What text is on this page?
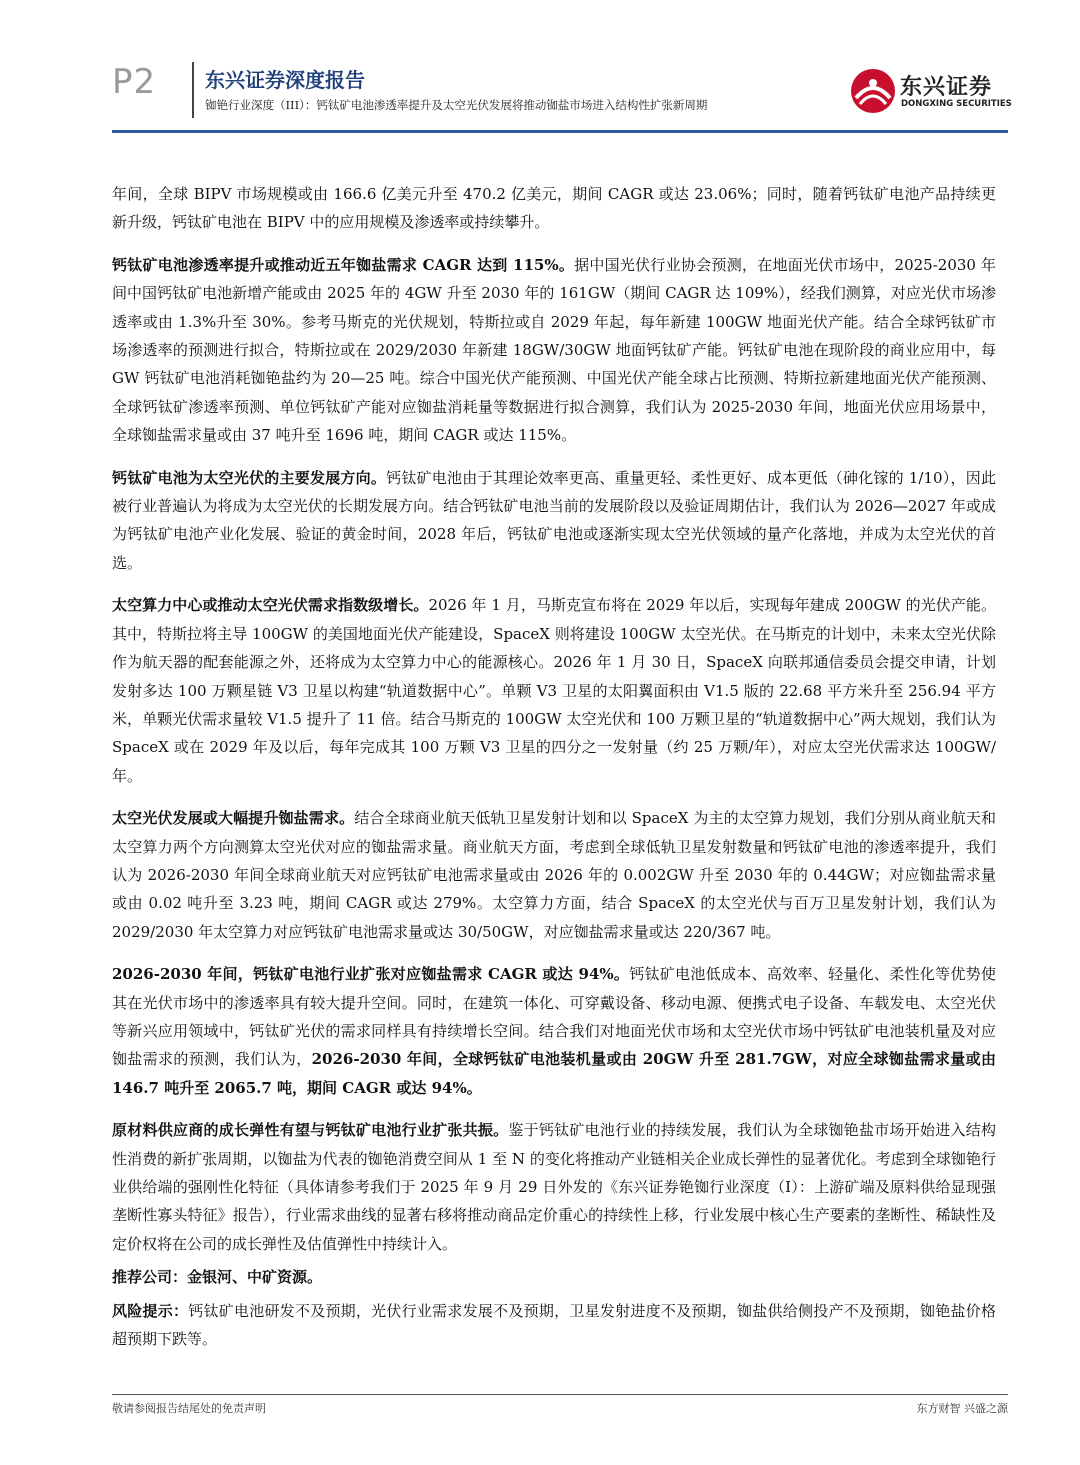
P2 东兴证券深度报告
铷铯行业深度（III）：钙钛矿电池渗透率提升及太空光伏发展将推动铷盐市场进入结构性扩张新周期
东兴证券
DONGXING SECURITIES

年间，全球 BIPV 市场规模或由 166.6 亿美元升至 470.2 亿美元，期间 CAGR 或达 23.06%；同时，随着钙钛矿电池产品持续更新升级，钙钛矿电池在 BIPV 中的应用规模及渗透率或持续攀升。

钙钛矿电池渗透率提升或推动近五年铷盐需求 CAGR 达到 115%。据中国光伏行业协会预测，在地面光伏市场中，2025-2030 年间中国钙钛矿电池新增产能或由 2025 年的 4GW 升至 2030 年的 161GW（期间 CAGR 达 109%），经我们测算，对应光伏市场渗透率或由 1.3%升至 30%。参考马斯克的光伏规划，特斯拉或自 2029 年起，每年新建 100GW 地面光伏产能。结合全球钙钛矿市场渗透率的预测进行拟合，特斯拉或在 2029/2030 年新建 18GW/30GW 地面钙钛矿产能。钙钛矿电池在现阶段的商业应用中，每 GW 钙钛矿电池消耗铷铯盐约为 20—25 吨。综合中国光伏产能预测、中国光伏产能全球占比预测、特斯拉新建地面光伏产能预测、全球钙钛矿渗透率预测、单位钙钛矿产能对应铷盐消耗量等数据进行拟合测算，我们认为 2025-2030 年间，地面光伏应用场景中，全球铷盐需求量或由 37 吨升至 1696 吨，期间 CAGR 或达 115%。

钙钛矿电池为太空光伏的主要发展方向。钙钛矿电池由于其理论效率更高、重量更轻、柔性更好、成本更低（砷化镓的 1/10），因此被行业普遍认为将成为太空光伏的长期发展方向。结合钙钛矿电池当前的发展阶段以及验证周期估计，我们认为 2026—2027 年或成为钙钛矿电池产业化发展、验证的黄金时间，2028 年后，钙钛矿电池或逐渐实现太空光伏领域的量产化落地，并成为太空光伏的首选。

太空算力中心或推动太空光伏需求指数级增长。2026 年 1 月，马斯克宣布将在 2029 年以后，实现每年建成 200GW 的光伏产能。其中，特斯拉将主导 100GW 的美国地面光伏产能建设，SpaceX 则将建设 100GW 太空光伏。在马斯克的计划中，未来太空光伏除作为航天器的配套能源之外，还将成为太空算力中心的能源核心。2026 年 1 月 30 日，SpaceX 向联邦通信委员会提交申请，计划发射多达 100 万颗星链 V3 卫星以构建“轨道数据中心”。单颗 V3 卫星的太阳翼面积由 V1.5 版的 22.68 平方米升至 256.94 平方米，单颗光伏需求量较 V1.5 提升了 11 倍。结合马斯克的 100GW 太空光伏和 100 万颗卫星的“轨道数据中心”两大规划，我们认为 SpaceX 或在 2029 年及以后，每年完成其 100 万颗 V3 卫星的四分之一发射量（约 25 万颗/年），对应太空光伏需求达 100GW/年。

太空光伏发展或大幅提升铷盐需求。结合全球商业航天低轨卫星发射计划和以 SpaceX 为主的太空算力规划，我们分别从商业航天和太空算力两个方向测算太空光伏对应的铷盐需求量。商业航天方面，考虑到全球低轨卫星发射数量和钙钛矿电池的渗透率提升，我们认为 2026-2030 年间全球商业航天对应钙钛矿电池需求量或由 2026 年的 0.002GW 升至 2030 年的 0.44GW；对应铷盐需求量或由 0.02 吨升至 3.23 吨，期间 CAGR 或达 279%。太空算力方面，结合 SpaceX 的太空光伏与百万卫星发射计划，我们认为 2029/2030 年太空算力对应钙钛矿电池需求量或达 30/50GW，对应铷盐需求量或达 220/367 吨。

2026-2030 年间，钙钛矿电池行业扩张对应铷盐需求 CAGR 或达 94%。钙钛矿电池低成本、高效率、轻量化、柔性化等优势使其在光伏市场中的渗透率具有较大提升空间。同时，在建筑一体化、可穿戴设备、移动电源、便携式电子设备、车载发电、太空光伏等新兴应用领域中，钙钛矿光伏的需求同样具有持续增长空间。结合我们对地面光伏市场和太空光伏市场中钙钛矿电池装机量及对应铷盐需求的预测，我们认为，2026-2030 年间，全球钙钛矿电池装机量或由 20GW 升至 281.7GW，对应全球铷盐需求量或由 146.7 吨升至 2065.7 吨，期间 CAGR 或达 94%。

原材料供应商的成长弹性有望与钙钛矿电池行业扩张共振。鉴于钙钛矿电池行业的持续发展，我们认为全球铷铯盐市场开始进入结构性消费的新扩张周期，以铷盐为代表的铷铯消费空间从 1 至 N 的变化将推动产业链相关企业成长弹性的显著优化。考虑到全球铷铯行业供给端的强刚性化特征（具体请参考我们于 2025 年 9 月 29 日外发的《东兴证券铯铷行业深度（I）：上游矿端及原料供给显现强垄断性寡头特征》报告），行业需求曲线的显著右移将推动商品定价重心的持续性上移，行业发展中核心生产要素的垄断性、稀缺性及定价权将在公司的成长弹性及估值弹性中持续计入。

推荐公司：金银河、中矿资源。

风险提示：钙钛矿电池研发不及预期，光伏行业需求发展不及预期，卫星发射进度不及预期，铷盐供给侧投产不及预期，铷铯盐价格超预期下跌等。

敬请参阅报告结尾处的免责声明	东方财智 兴盛之源
